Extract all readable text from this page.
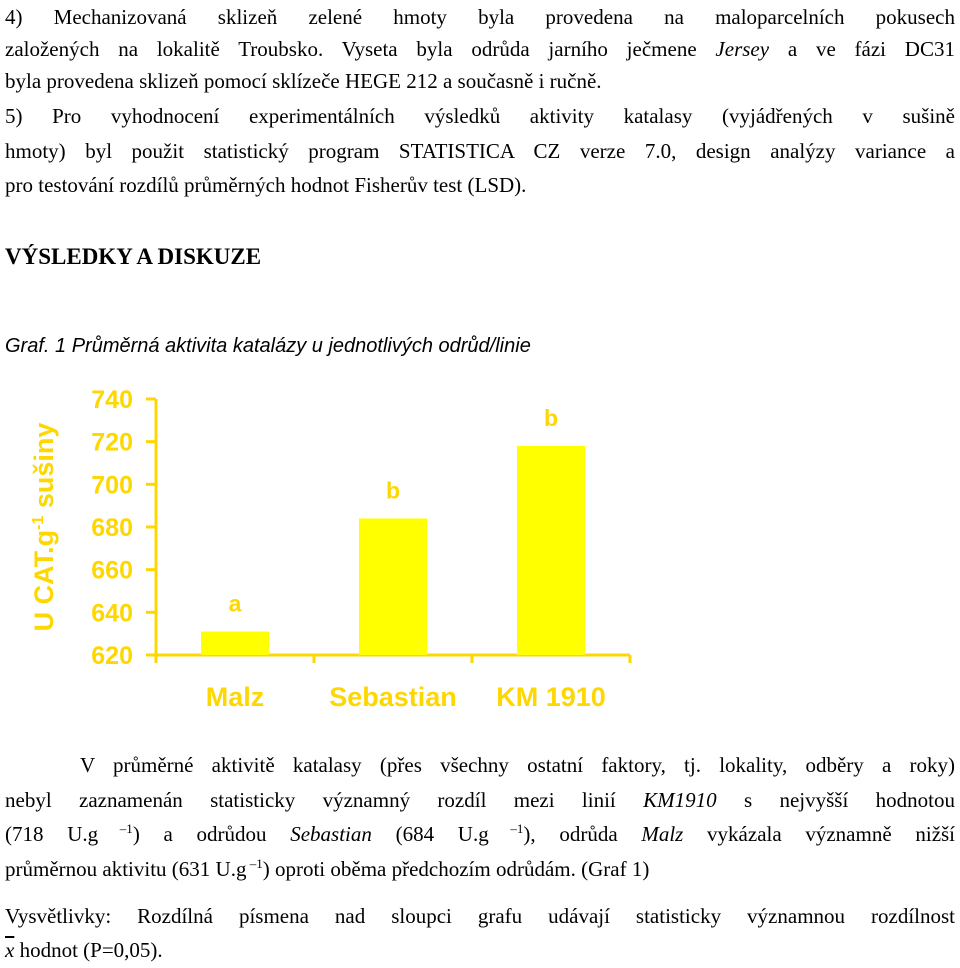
4) Mechanizovaná sklizeň zelené hmoty byla provedena na maloparcelních pokusech

založených na lokalitě Troubsko. Vyseta byla odrůda jarního ječmene Jersey a ve fázi DC31

byla provedena sklizeň pomocí sklízeče HEGE 212 a současně i ručně.

5) Pro vyhodnocení experimentálních výsledků aktivity katalasy (vyjádřených v sušině

hmoty) byl použit statistický program STATISTICA CZ verze 7.0, design analýzy variance a

pro testování rozdílů průměrných hodnot Fisherův test (LSD).

VÝSLEDKY A DISKUZE

Graf. 1 Průměrná aktivita katalázy u jednotlivých odrůd/linie

740
720
700
680
660
640
620
a
Malz
b
Sebastian
b
KM 1910
U $CAT.g^{-1}$ sušiny

V průměrné aktivitě katalasy (přes všechny ostatní faktory, tj. lokality, odběry a roky)

nebyl zaznamenán statisticky významný rozdíl mezi linií KM1910 s nejvyšší hodnotou

(718 U.g $^{-1}$) a odrůdou Sebastian (684 U.g $^{-1}$), odrůda Malz vykázala významně nižší

průměrnou aktivitu (631 U.g $^{-1}$) oproti oběma předchozím odrůdám. (Graf 1)

Vysvětlivky: Rozdílná písmena nad sloupci grafu udávají statisticky významnou rozdílnost

$\overline{x}$ hodnot (P=0,05).
